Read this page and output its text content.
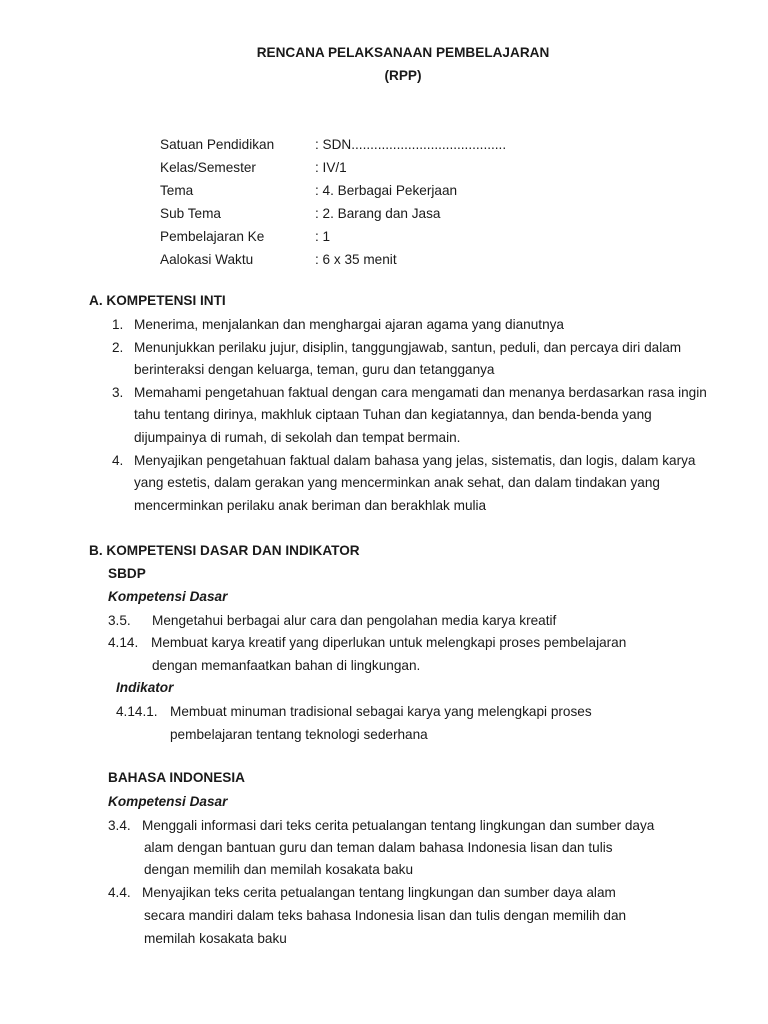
RENCANA PELAKSANAAN PEMBELAJARAN
(RPP)
Satuan Pendidikan	: SDN.........................................
Kelas/Semester	: IV/1
Tema	: 4. Berbagai Pekerjaan
Sub Tema	: 2. Barang dan Jasa
Pembelajaran Ke	: 1
Aalokasi Waktu	: 6 x 35 menit
A. KOMPETENSI INTI
1. Menerima, menjalankan dan menghargai ajaran agama yang dianutnya
2. Menunjukkan perilaku jujur, disiplin, tanggungjawab, santun, peduli, dan percaya diri dalam berinteraksi dengan keluarga, teman, guru dan tetangganya
3. Memahami pengetahuan faktual dengan cara mengamati dan menanya berdasarkan rasa ingin tahu tentang dirinya, makhluk ciptaan Tuhan dan kegiatannya, dan benda-benda yang dijumpainya di rumah, di sekolah dan tempat bermain.
4. Menyajikan pengetahuan faktual dalam bahasa yang jelas, sistematis, dan logis, dalam karya yang estetis, dalam gerakan yang mencerminkan anak sehat, dan dalam tindakan yang mencerminkan perilaku anak beriman dan berakhlak mulia
B. KOMPETENSI DASAR DAN INDIKATOR
SBDP
Kompetensi Dasar
3.5. Mengetahui berbagai alur cara dan pengolahan media karya kreatif
4.14. Membuat karya kreatif yang diperlukan untuk melengkapi proses pembelajaran
dengan memanfaatkan bahan di lingkungan.
Indikator
4.14.1. Membuat minuman tradisional sebagai karya yang melengkapi proses
pembelajaran tentang teknologi sederhana
BAHASA INDONESIA
Kompetensi Dasar
3.4. Menggali informasi dari teks cerita petualangan tentang lingkungan dan sumber daya
alam dengan bantuan guru dan teman dalam bahasa Indonesia lisan dan tulis
dengan memilih dan memilah kosakata baku
4.4. Menyajikan teks cerita petualangan tentang lingkungan dan sumber daya alam
secara mandiri dalam teks bahasa Indonesia lisan dan tulis dengan memilih dan
memilah kosakata baku
